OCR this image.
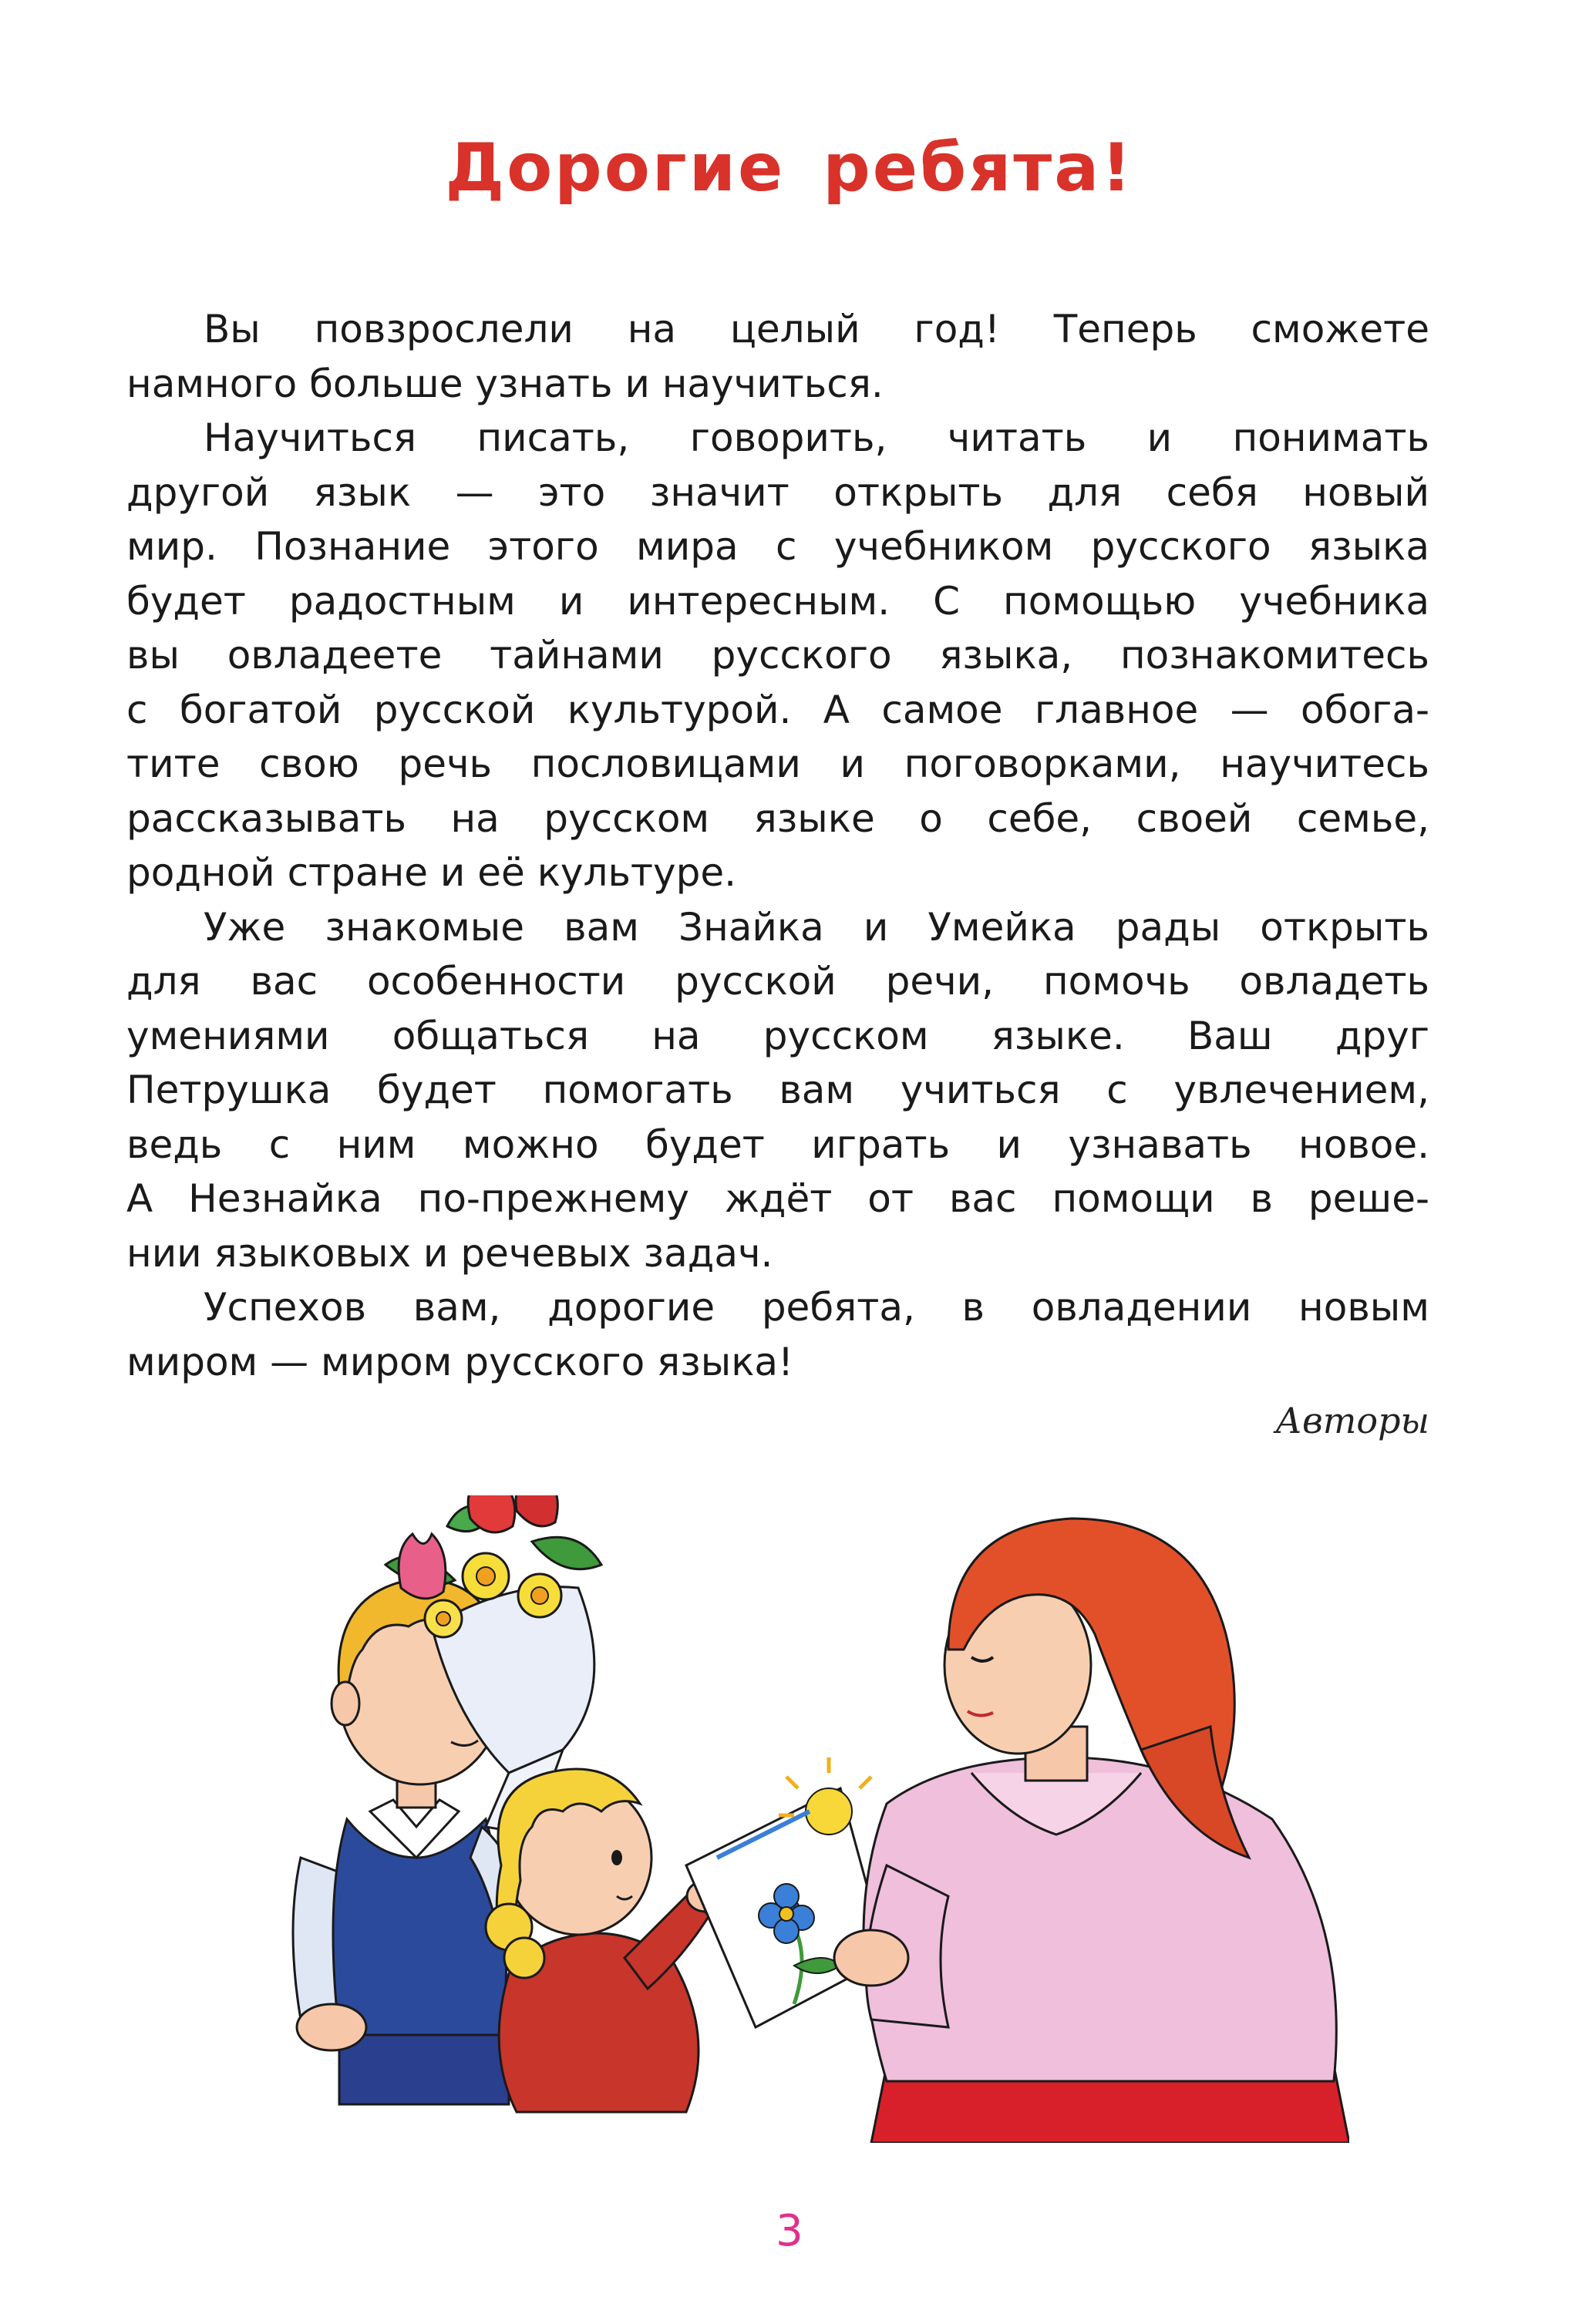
Дорогие ребята!

Вы повзрослели на целый год! Теперь сможете
намного больше узнать и научиться.

Научиться писать, говорить, читать и понимать
другой язык — это значит открыть для себя новый
мир. Познание этого мира с учебником русского языка
будет радостным и интересным. С помощью учебника
вы овладеете тайнами русского языка, познакомитесь
с богатой русской культурой. А самое главное — обога-
тите свою речь пословицами и поговорками, научитесь
рассказывать на русском языке о себе, своей семье,
родной стране и её культуре.

Уже знакомые вам Знайка и Умейка рады открыть
для вас особенности русской речи, помочь овладеть
умениями общаться на русском языке. Ваш друг
Петрушка будет помогать вам учиться с увлечением,
ведь с ним можно будет играть и узнавать новое.
А Незнайка по-прежнему ждёт от вас помощи в реше-
нии языковых и речевых задач.

Успехов вам, дорогие ребята, в овладении новым
миром — миром русского языка!

Авторы

3
